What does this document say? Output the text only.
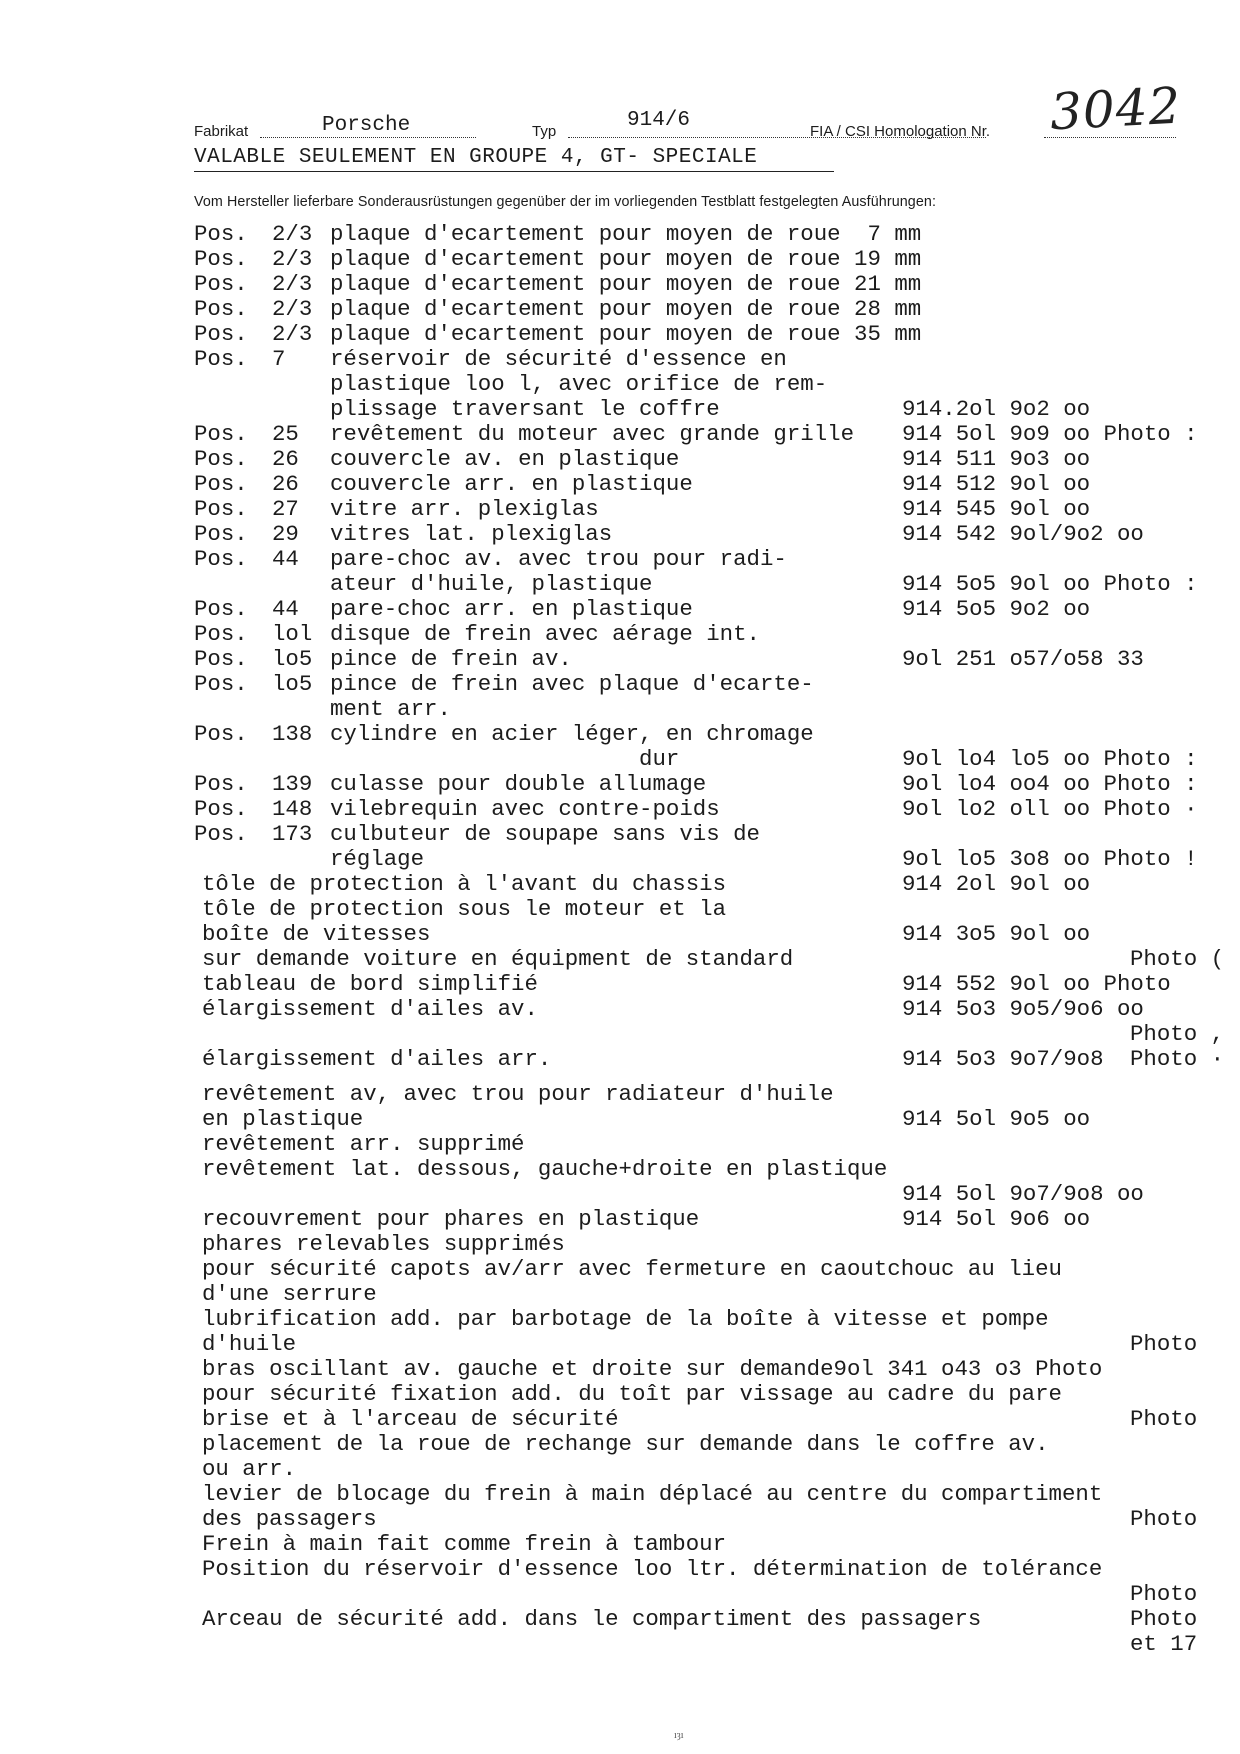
Fabrikat	Porsche	Typ	914/6	FIA / CSI Homologation Nr. 3042
VALABLE SEULEMENT EN GROUPE 4, GT- SPECIALE
Vom Hersteller lieferbare Sonderausrüstungen gegenüber der im vorliegenden Testblatt festgelegten Ausführungen:
Pos. 2/3 plaque d'ecartement pour moyen de roue  7 mm
Pos. 2/3 plaque d'ecartement pour moyen de roue 19 mm
Pos. 2/3 plaque d'ecartement pour moyen de roue 21 mm
Pos. 2/3 plaque d'ecartement pour moyen de roue 28 mm
Pos. 2/3 plaque d'ecartement pour moyen de roue 35 mm
Pos. 7 réservoir de sécurité d'essence en
plastique loo l, avec orifice de rem-
plissage traversant le coffre	914.2ol 9o2 oo
Pos. 25 revêtement du moteur avec grande grille 914 5ol 9o9 oo Photo :
Pos. 26 couvercle av. en plastique	914 511 9o3 oo
Pos. 26 couvercle arr. en plastique	914 512 9ol oo
Pos. 27 vitre arr. plexiglas	914 545 9ol oo
Pos. 29 vitres lat. plexiglas	914 542 9ol/9o2 oo
Pos. 44 pare-choc av. avec trou pour radi-
ateur d'huile, plastique	914 5o5 9ol oo Photo :
Pos. 44 pare-choc arr. en plastique	914 5o5 9o2 oo
Pos. lol disque de frein avec aérage int.
Pos. lo5 pince de frein av.	9ol 251 o57/o58 33
Pos. lo5 pince de frein avec plaque d'ecarte-
ment arr.
Pos. 138 cylindre en acier léger, en chromage
dur	9ol lo4 lo5 oo Photo :
Pos. 139 culasse pour double allumage	9ol lo4 oo4 oo Photo :
Pos. 148 vilebrequin avec contre-poids	9ol lo2 oll oo Photo ·
Pos. 173 culbuteur de soupape sans vis de
réglage	9ol lo5 3o8 oo Photo !
tôle de protection à l'avant du chassis	914 2ol 9ol oo
tôle de protection sous le moteur et la
boîte de vitesses	914 3o5 9ol oo
sur demande voiture en équipment de standard	Photo (
tableau de bord simplifié	914 552 9ol oo Photo
élargissement d'ailes av.	914 5o3 9o5/9o6 oo
Photo ,
élargissement d'ailes arr.	914 5o3 9o7/9o8 Photo ·
revêtement av, avec trou pour radiateur d'huile
en plastique	914 5ol 9o5 oo
revêtement arr. supprimé
revêtement lat. dessous, gauche+droite en plastique
914 5ol 9o7/9o8 oo
recouvrement pour phares en plastique	914 5ol 9o6 oo
phares relevables supprimés
pour sécurité capots av/arr avec fermeture en caoutchouc au lieu
d'une serrure
lubrification add. par barbotage de la boîte à vitesse et pompe
d'huile	Photo
bras oscillant av. gauche et droite sur demande9ol 341 o43 o3 Photo
pour sécurité fixation add. du toît par vissage au cadre du pare
brise et à l'arceau de sécurité	Photo
placement de la roue de rechange sur demande dans le coffre av.
ou arr.
levier de blocage du frein à main déplacé au centre du compartiment
des passagers	Photo
Frein à main fait comme frein à tambour
Position du réservoir d'essence loo ltr. détermination de tolérance
Photo
Arceau de sécurité add. dans le compartiment des passagers	Photo
et 17
ıȝı
